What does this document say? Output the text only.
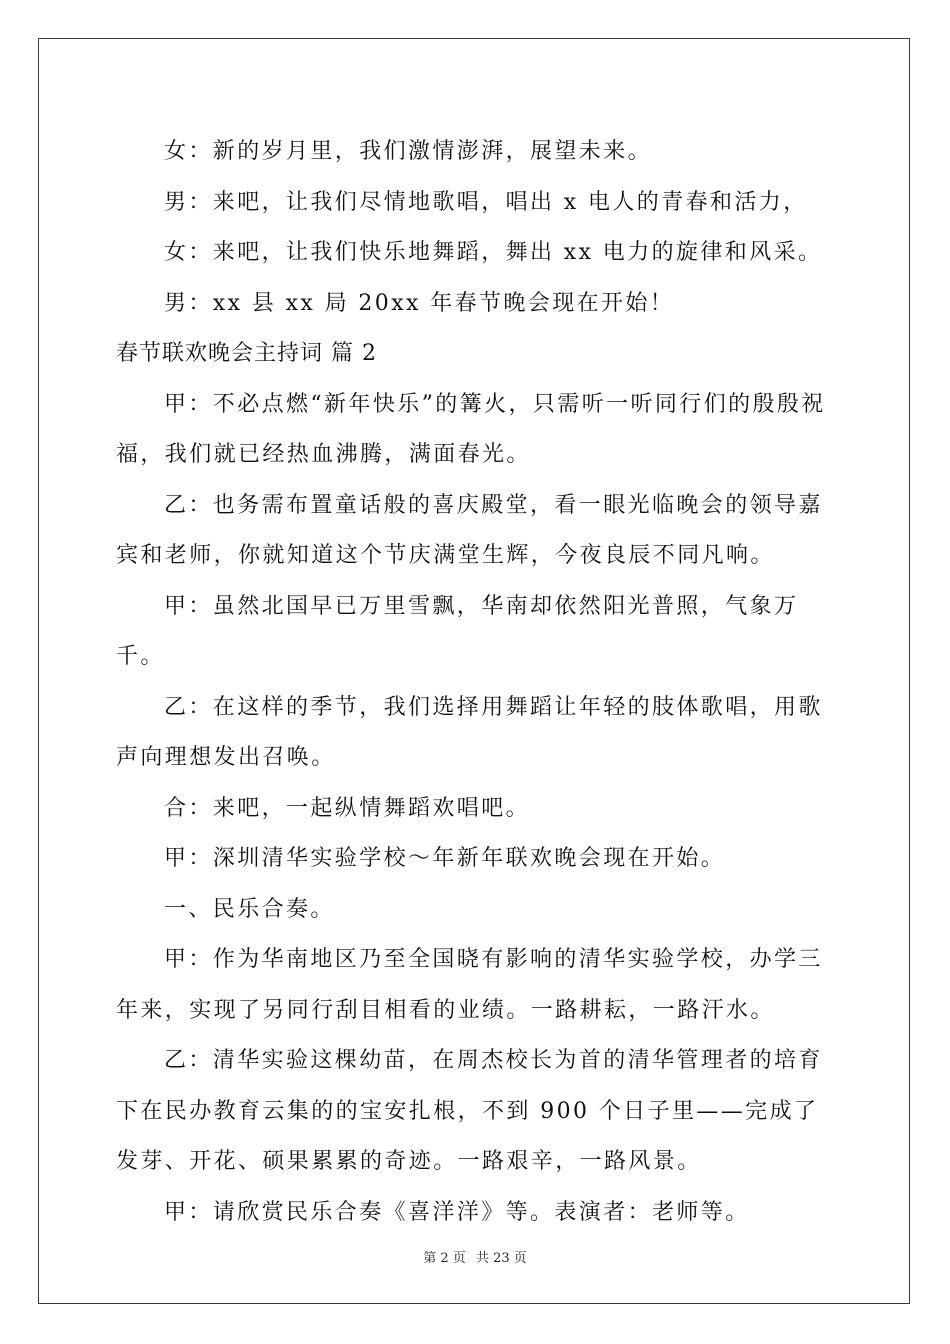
女：新的岁月里，我们激情澎湃，展望未来。

男：来吧，让我们尽情地歌唱，唱出 x 电人的青春和活力，

女：来吧，让我们快乐地舞蹈，舞出 xx 电力的旋律和风采。

男：xx 县 xx 局 20xx 年春节晚会现在开始！

春节联欢晚会主持词 篇 2

甲：不必点燃“新年快乐”的篝火，只需听一听同行们的殷殷祝福，我们就已经热血沸腾，满面春光。

乙：也务需布置童话般的喜庆殿堂，看一眼光临晚会的领导嘉宾和老师，你就知道这个节庆满堂生辉，今夜良辰不同凡响。

甲：虽然北国早已万里雪飘，华南却依然阳光普照，气象万千。

乙：在这样的季节，我们选择用舞蹈让年轻的肢体歌唱，用歌声向理想发出召唤。

合：来吧，一起纵情舞蹈欢唱吧。

甲：深圳清华实验学校～年新年联欢晚会现在开始。

一、民乐合奏。

甲：作为华南地区乃至全国晓有影响的清华实验学校，办学三年来，实现了另同行刮目相看的业绩。一路耕耘，一路汗水。

乙：清华实验这棵幼苗，在周杰校长为首的清华管理者的培育下在民办教育云集的的宝安扎根，不到 900 个日子里——完成了发芽、开花、硕果累累的奇迹。一路艰辛，一路风景。

甲：请欣赏民乐合奏《喜洋洋》等。表演者：老师等。

第 2 页 共 23 页
